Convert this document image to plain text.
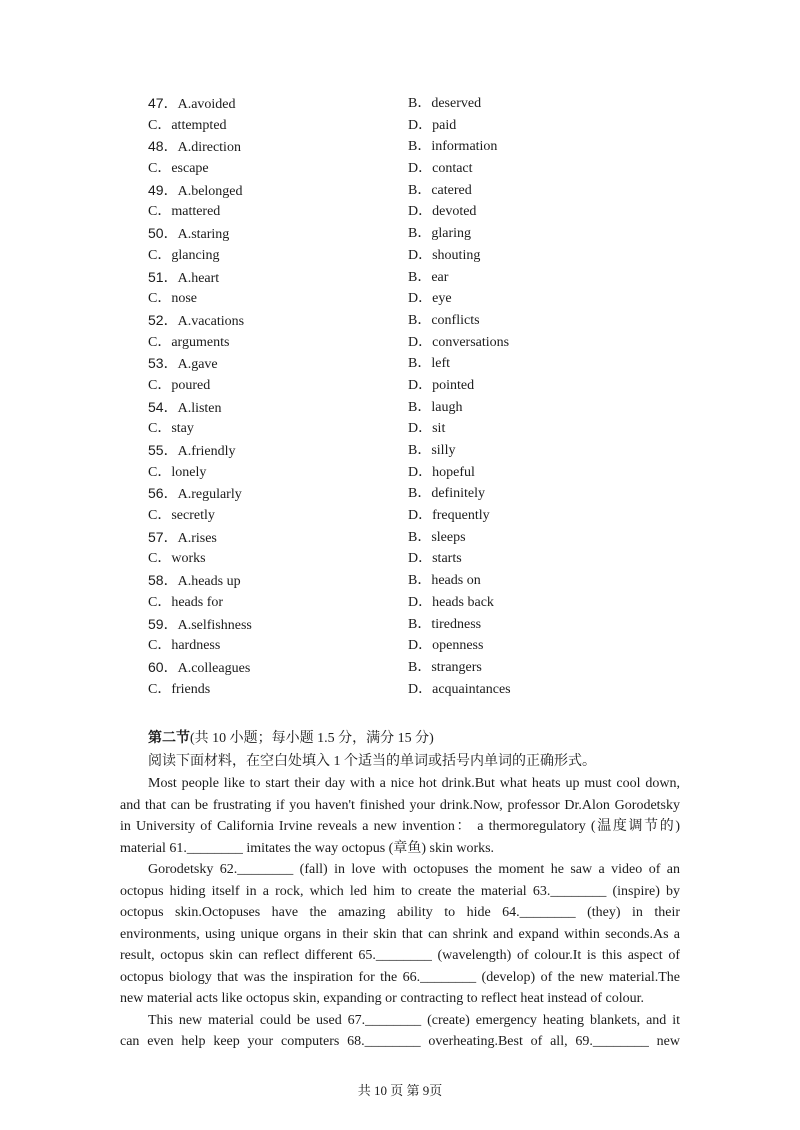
47．A.avoided	B．deserved
C．attempted	D．paid
48．A.direction	B．information
C．escape	D．contact
49．A.belonged	B．catered
C．mattered	D．devoted
50．A.staring	B．glaring
C．glancing	D．shouting
51．A.heart	B．ear
C．nose	D．eye
52．A.vacations	B．conflicts
C．arguments	D．conversations
53．A.gave	B．left
C．poured	D．pointed
54．A.listen	B．laugh
C．stay	D．sit
55．A.friendly	B．silly
C．lonely	D．hopeful
56．A.regularly	B．definitely
C．secretly	D．frequently
57．A.rises	B．sleeps
C．works	D．starts
58．A.heads up	B．heads on
C．heads for	D．heads back
59．A.selfishness	B．tiredness
C．hardness	D．openness
60．A.colleagues	B．strangers
C．friends	D．acquaintances
第二节(共 10 小题；每小题 1.5 分，满分 15 分)
阅读下面材料，在空白处填入 1 个适当的单词或括号内单词的正确形式。
Most people like to start their day with a nice hot drink.But what heats up must cool down,
and that can be frustrating if you haven't finished your drink.Now, professor Dr.Alon Gorodetsky
in University of California Irvine reveals a new invention： a thermoregulatory (温度调节的)
material 61.________ imitates the way octopus (章鱼) skin works.
Gorodetsky 62.________ (fall) in love with octopuses the moment he saw a video of an
octopus hiding itself in a rock, which led him to create the material 63.________ (inspire) by
octopus skin.Octopuses have the amazing ability to hide 64.________ (they) in their
environments, using unique organs in their skin that can shrink and expand within seconds.As a
result, octopus skin can reflect different 65.________ (wavelength) of colour.It is this aspect of
octopus biology that was the inspiration for the 66.________ (develop) of the new material.The
new material acts like octopus skin, expanding or contracting to reflect heat instead of colour.
This new material could be used 67.________ (create) emergency heating blankets, and it
can even help keep your computers 68.________ overheating.Best of all, 69.________ new
共 10 页 第 9页
